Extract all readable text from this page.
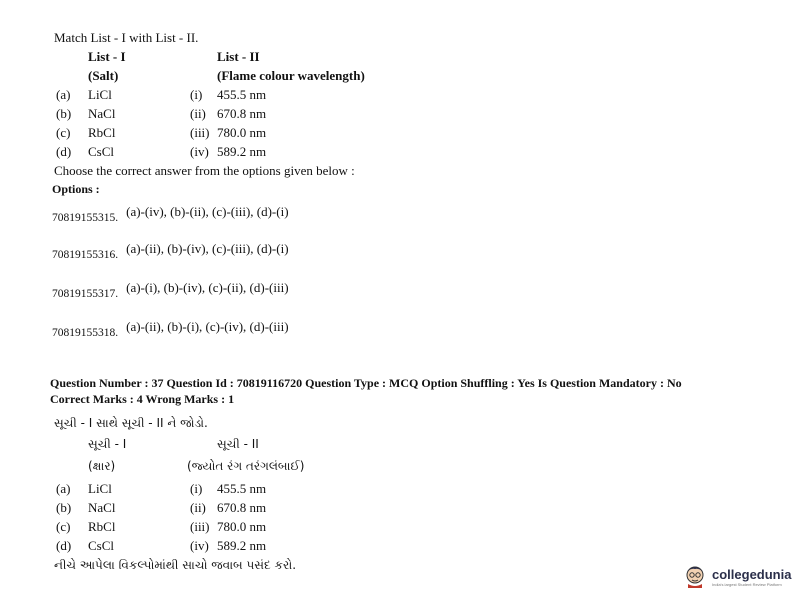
Match List - I with List - II.
List - I	List - II
(Salt)	(Flame colour wavelength)
(a) LiCl	(i) 455.5 nm
(b) NaCl	(ii) 670.8 nm
(c) RbCl	(iii) 780.0 nm
(d) CsCl	(iv) 589.2 nm
Choose the correct answer from the options given below :
Options :
$_{70819155315.}$ (a)-(iv), (b)-(ii), (c)-(iii), (d)-(i)
$_{70819155316.}$ (a)-(ii), (b)-(iv), (c)-(iii), (d)-(i)
$_{70819155317.}$ (a)-(i), (b)-(iv), (c)-(ii), (d)-(iii)
$_{70819155318.}$ (a)-(ii), (b)-(i), (c)-(iv), (d)-(iii)
Question Number : 37 Question Id : 70819116720 Question Type : MCQ Option Shuffling : Yes Is Question Mandatory : No
Correct Marks : 4 Wrong Marks : 1
સૂચી - I સાથે સૂચી - II ને જોડો.
સૂચી - I	સૂચી - II
(ક્ષાર)	(જ્યોત રંગ તરંગલંબાઈ)
(a) LiCl	(i) 455.5 nm
(b) NaCl	(ii) 670.8 nm
(c) RbCl	(iii) 780.0 nm
(d) CsCl	(iv) 589.2 nm
નીચે આપેલા વિકલ્પોમાંથી સાચો જવાબ પસંદ કરો.
collegedunia
India's largest Student Review Platform
